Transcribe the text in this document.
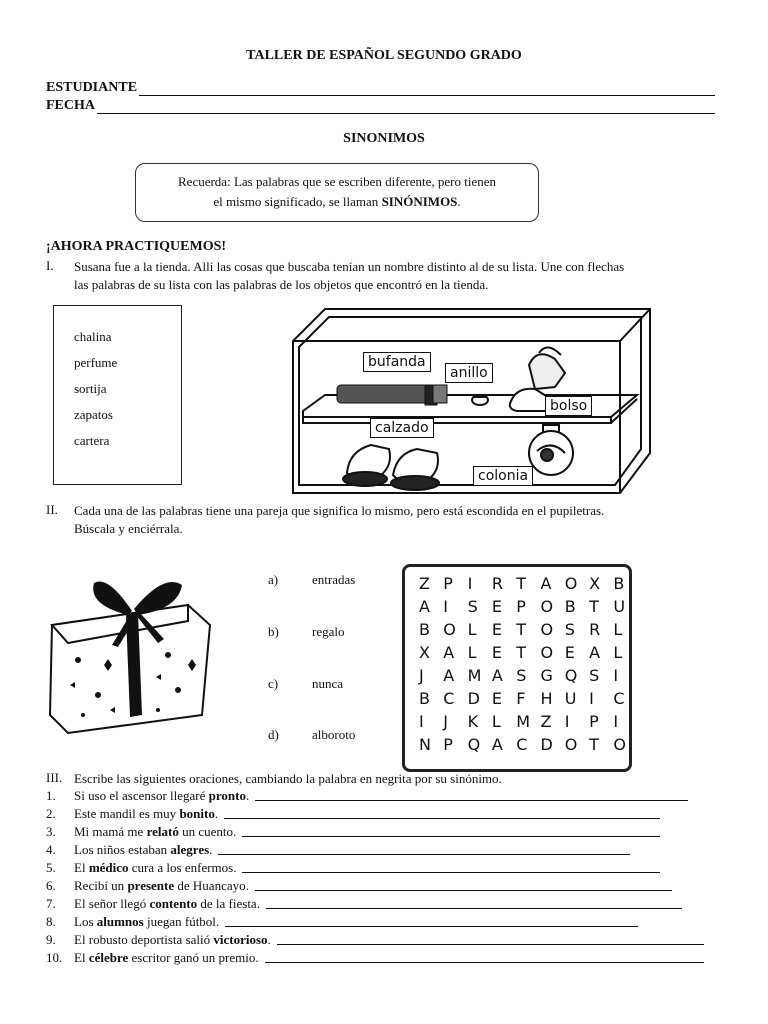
TALLER DE ESPAÑOL SEGUNDO GRADO
ESTUDIANTE
FECHA
SINONIMOS
Recuerda: Las palabras que se escriben diferente, pero tienen
el mismo significado, se llaman SINÓNIMOS.
¡AHORA PRACTIQUEMOS!
I. Susana fue a la tienda. Allí las cosas que buscaba tenían un nombre distinto al de su lista. Une con flechas
las palabras de su lista con las palabras de los objetos que encontró en la tienda.
chalina
perfume
sortija
zapatos
cartera
bufanda
anillo
bolso
calzado
colonia
II. Cada una de las palabras tiene una pareja que significa lo mismo, pero está escondida en el pupiletras.
Búscala y enciérrala.
a)	entradas
b)	regalo
c)	nunca
d)	alboroto
Z P I	R T A O X B
A I	S E P O B T U
B O L E T O S R L
X A L E T O E A L
J	A M A S G Q S I
B C D E F H U I	C
I	J	K L M Z I	P I
N P Q A C D O T O
III. Escribe las siguientes oraciones, cambiando la palabra en negrita por su sinónimo.
1.	Si uso el ascensor llegaré pronto.
2.	Este mandil es muy bonito.
3.	Mi mamá me relató un cuento.
4.	Los niños estaban alegres.
5.	El médico cura a los enfermos.
6.	Recibí un presente de Huancayo.
7.	El señor llegó contento de la fiesta.
8.	Los alumnos juegan fútbol.
9.	El robusto deportista salió victorioso.
10. El célebre escritor ganó un premio.
